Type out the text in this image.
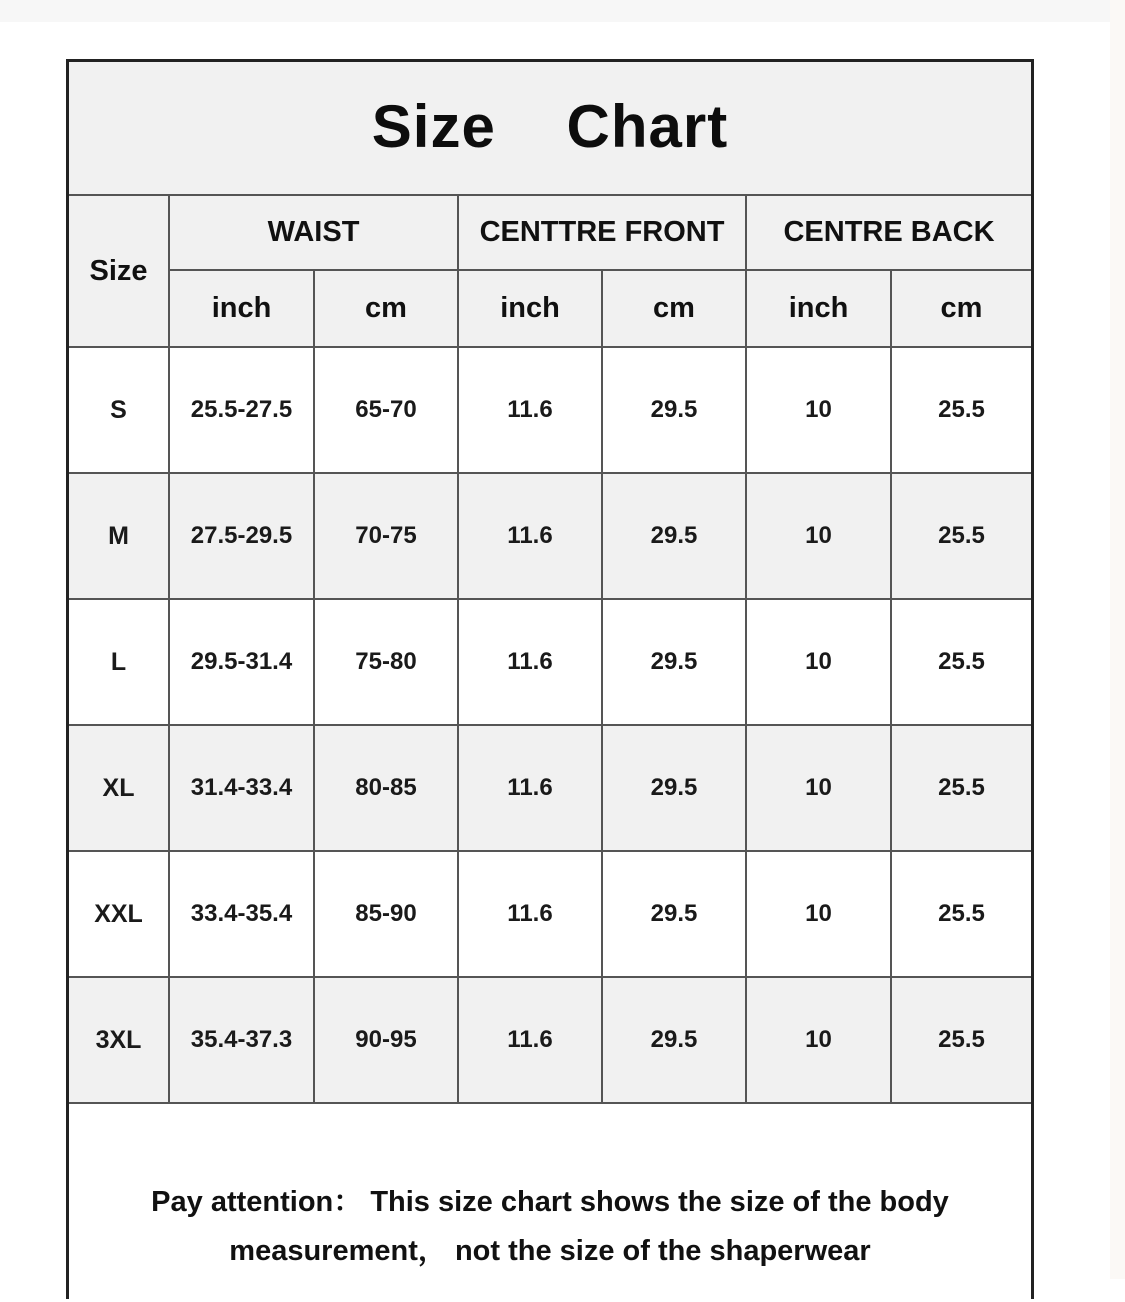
Size    Chart
Size	WAIST		CENTTRE FRONT		CENTRE BACK	
	inch	cm	inch	cm	inch	cm
S	25.5-27.5	65-70	11.6	29.5	10	25.5
M	27.5-29.5	70-75	11.6	29.5	10	25.5
L	29.5-31.4	75-80	11.6	29.5	10	25.5
XL	31.4-33.4	80-85	11.6	29.5	10	25.5
XXL	33.4-35.4	85-90	11.6	29.5	10	25.5
3XL	35.4-37.3	90-95	11.6	29.5	10	25.5
Pay attention： This size chart shows the size of the body
measurement， not the size of the shaperwear
